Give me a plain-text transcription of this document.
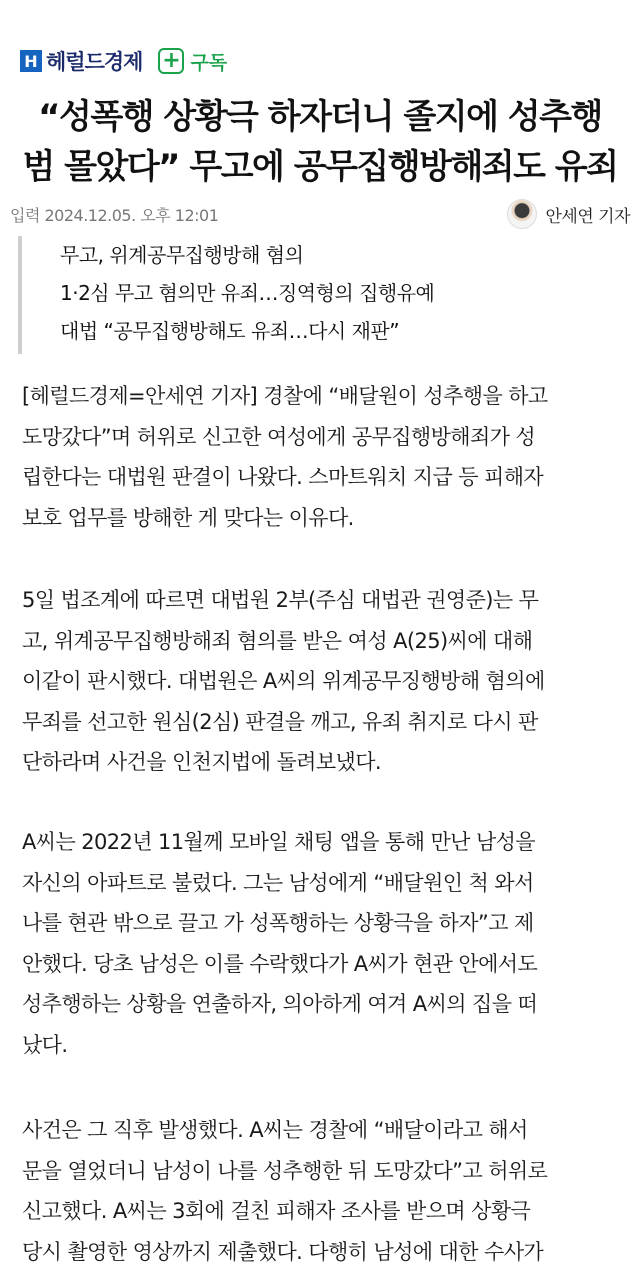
H 헤럴드경제 + 구독
“성폭행 상황극 하자더니 졸지에 성추행
범 몰았다” 무고에 공무집행방해죄도 유죄
입력 2024.12.05. 오후 12:01	안세연 기자
무고, 위계공무집행방해 혐의
1·2심 무고 혐의만 유죄…징역형의 집행유예
대법 “공무집행방해도 유죄…다시 재판”
[헤럴드경제=안세연 기자] 경찰에 “배달원이 성추행을 하고
도망갔다”며 허위로 신고한 여성에게 공무집행방해죄가 성
립한다는 대법원 판결이 나왔다. 스마트워치 지급 등 피해자
보호 업무를 방해한 게 맞다는 이유다.
5일 법조계에 따르면 대법원 2부(주심 대법관 권영준)는 무
고, 위계공무집행방해죄 혐의를 받은 여성 A(25)씨에 대해
이같이 판시했다. 대법원은 A씨의 위계공무징행방해 혐의에
무죄를 선고한 원심(2심) 판결을 깨고, 유죄 취지로 다시 판
단하라며 사건을 인천지법에 돌려보냈다.
A씨는 2022년 11월께 모바일 채팅 앱을 통해 만난 남성을
자신의 아파트로 불렀다. 그는 남성에게 “배달원인 척 와서
나를 현관 밖으로 끌고 가 성폭행하는 상황극을 하자”고 제
안했다. 당초 남성은 이를 수락했다가 A씨가 현관 안에서도
성추행하는 상황을 연출하자, 의아하게 여겨 A씨의 집을 떠
났다.
사건은 그 직후 발생했다. A씨는 경찰에 “배달이라고 해서
문을 열었더니 남성이 나를 성추행한 뒤 도망갔다”고 허위로
신고했다. A씨는 3회에 걸친 피해자 조사를 받으며 상황극
당시 촬영한 영상까지 제출했다. 다행히 남성에 대한 수사가
